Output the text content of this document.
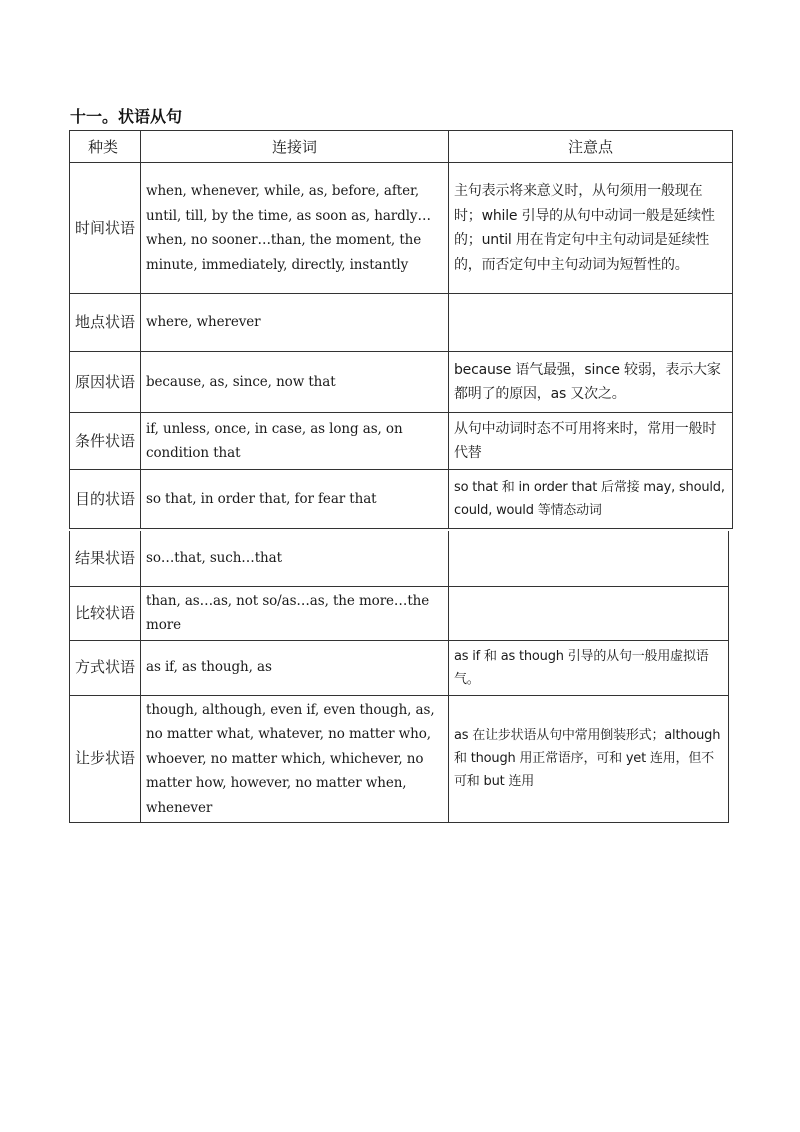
十一。状语从句
种类	连接词	注意点
时间状语	when, whenever, while, as, before, after, until, till, by the time, as soon as, hardly…when, no sooner…than, the moment, the minute, immediately, directly, instantly	主句表示将来意义时，从句须用一般现在时；while 引导的从句中动词一般是延续性的；until 用在肯定句中主句动词是延续性的，而否定句中主句动词为短暂性的。
地点状语	where, wherever	
原因状语	because, as, since, now that	because 语气最强，since 较弱，表示大家都明了的原因，as 又次之。
条件状语	if, unless, once, in case, as long as, on condition that	从句中动词时态不可用将来时，常用一般时代替
目的状语	so that, in order that, for fear that	so that 和 in order that 后常接 may, should, could, would 等情态动词
结果状语	so…that, such…that	
比较状语	than, as…as, not so/as…as, the more…the more	
方式状语	as if, as though, as	as if 和 as though 引导的从句一般用虚拟语气。
让步状语	though, although, even if, even though, as, no matter what, whatever, no matter who, whoever, no matter which, whichever, no matter how, however, no matter when, whenever	as 在让步状语从句中常用倒装形式；although 和 though 用正常语序，可和 yet 连用，但不可和 but 连用
